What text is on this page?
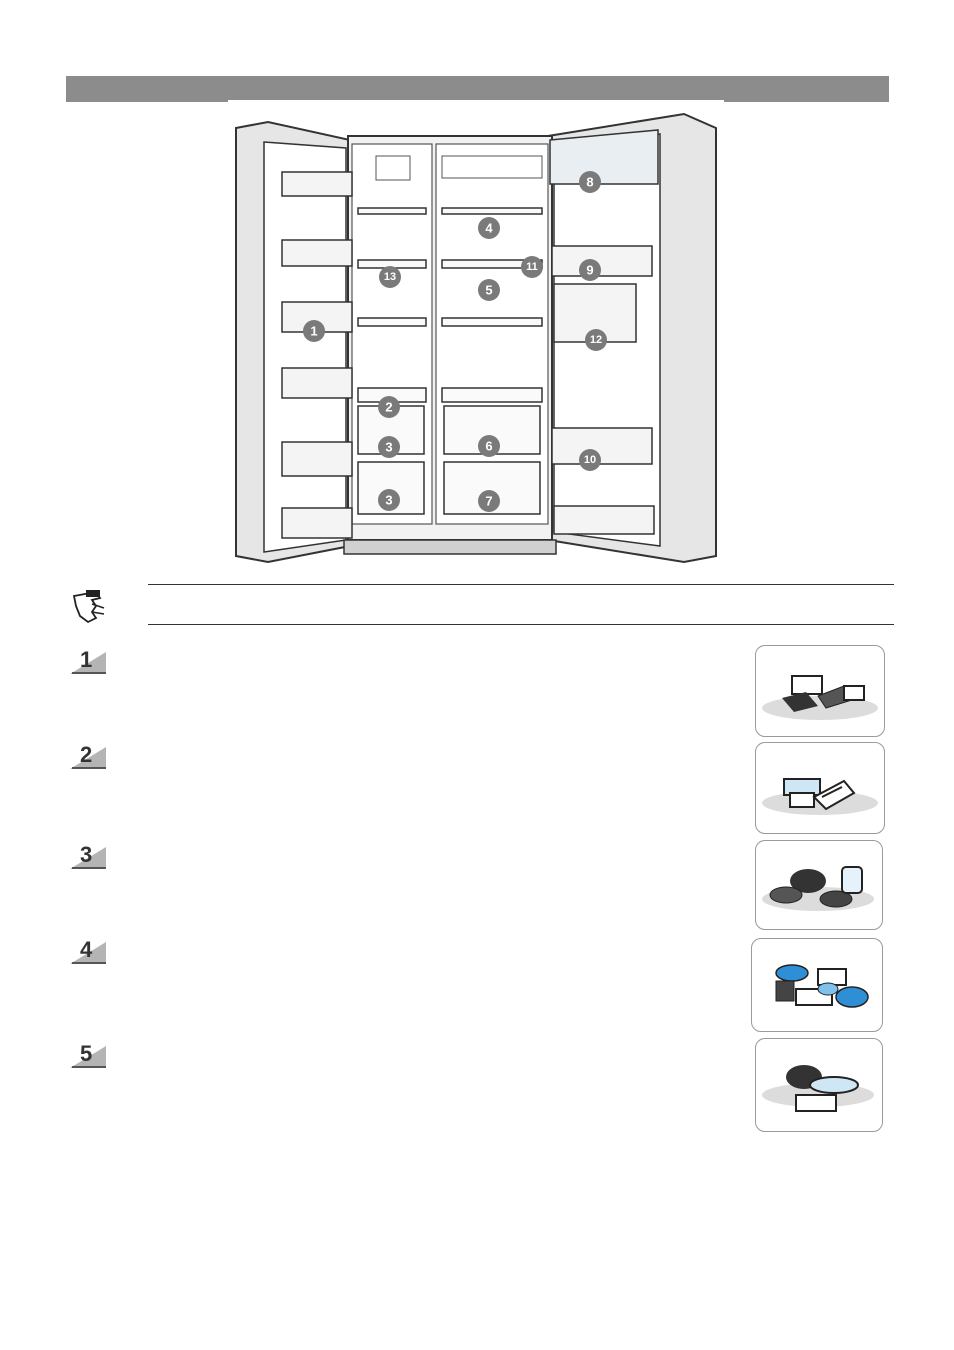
1
2
3
3
4
5
6
7
8
9
10
11
12
13
1
2
3
4
5
